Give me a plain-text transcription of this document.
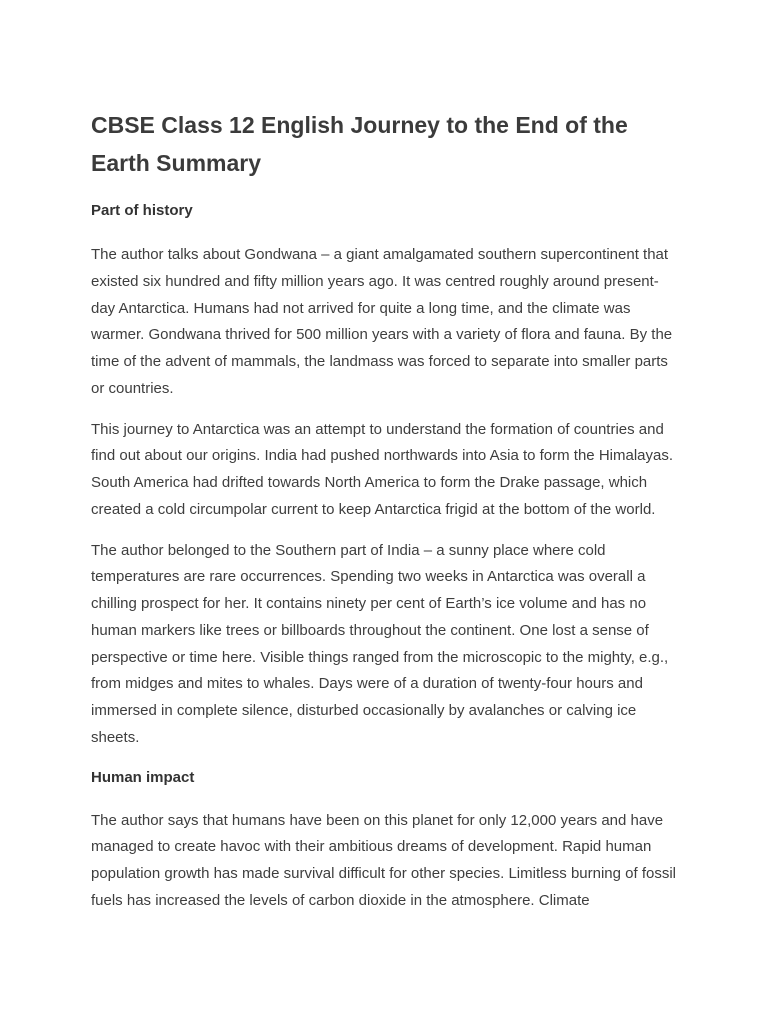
CBSE Class 12 English Journey to the End of the Earth Summary
Part of history

The author talks about Gondwana – a giant amalgamated southern supercontinent that existed six hundred and fifty million years ago. It was centred roughly around present-day Antarctica. Humans had not arrived for quite a long time, and the climate was warmer. Gondwana thrived for 500 million years with a variety of flora and fauna. By the time of the advent of mammals, the landmass was forced to separate into smaller parts or countries.

This journey to Antarctica was an attempt to understand the formation of countries and find out about our origins. India had pushed northwards into Asia to form the Himalayas. South America had drifted towards North America to form the Drake passage, which created a cold circumpolar current to keep Antarctica frigid at the bottom of the world.

The author belonged to the Southern part of India – a sunny place where cold temperatures are rare occurrences. Spending two weeks in Antarctica was overall a chilling prospect for her. It contains ninety per cent of Earth’s ice volume and has no human markers like trees or billboards throughout the continent. One lost a sense of perspective or time here. Visible things ranged from the microscopic to the mighty, e.g., from midges and mites to whales. Days were of a duration of twenty-four hours and immersed in complete silence, disturbed occasionally by avalanches or calving ice sheets.

Human impact

The author says that humans have been on this planet for only 12,000 years and have managed to create havoc with their ambitious dreams of development. Rapid human population growth has made survival difficult for other species. Limitless burning of fossil fuels has increased the levels of carbon dioxide in the atmosphere. Climate
